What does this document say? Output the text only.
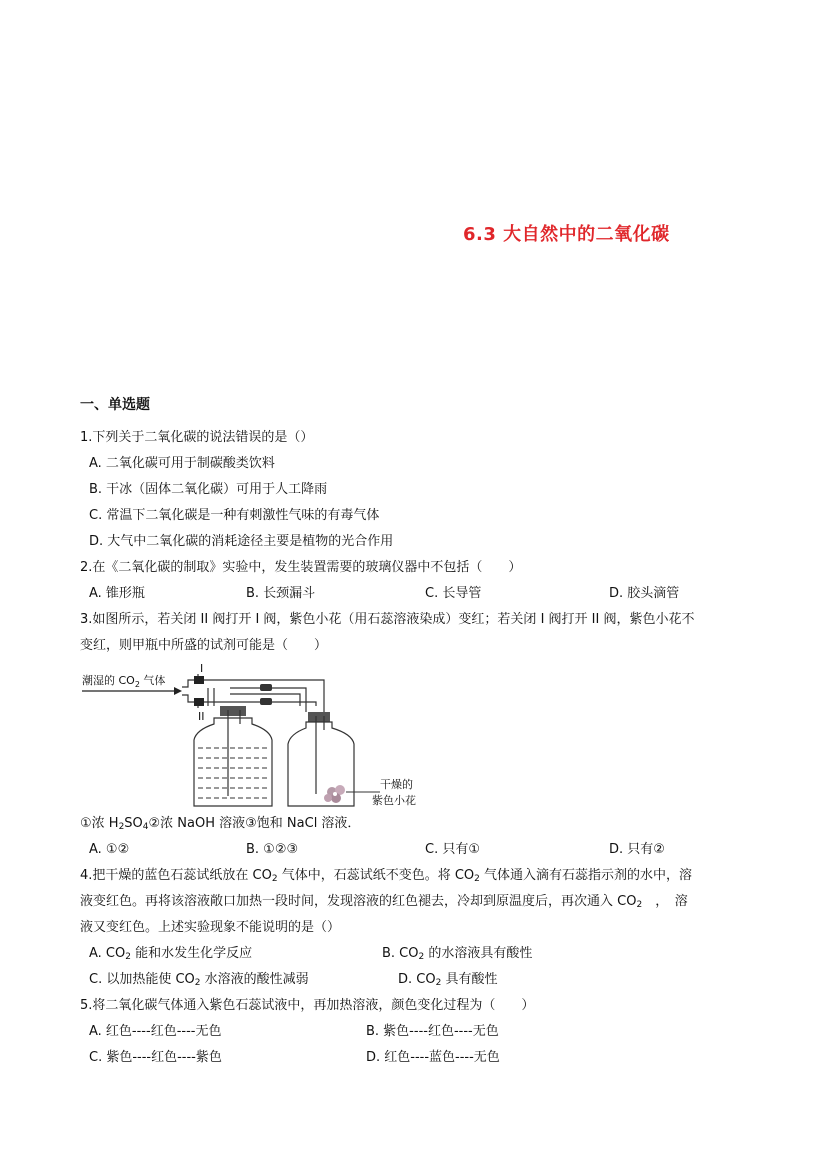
6.3 大自然中的二氧化碳
一、单选题
1.下列关于二氧化碳的说法错误的是（）
A. 二氧化碳可用于制碳酸类饮料
B. 干冰（固体二氧化碳）可用于人工降雨
C. 常温下二氧化碳是一种有刺激性气味的有毒气体
D. 大气中二氧化碳的消耗途径主要是植物的光合作用
2.在《二氧化碳的制取》实验中，发生装置需要的玻璃仪器中不包括（　　）
A. 锥形瓶	B. 长颈漏斗	C. 长导管	D. 胶头滴管
3.如图所示，若关闭 II 阀打开 I 阀，紫色小花（用石蕊溶液染成）变红；若关闭 I 阀打开 II 阀，紫色小花不
变红，则甲瓶中所盛的试剂可能是（　　）
潮湿的 $CO_2$ 气体
I
II
干燥的
紫色小花
①浓 $H_2SO_4②$浓 NaOH 溶液③饱和 NaCl 溶液．
A. ①②	B. ①②③	C. 只有①	D. 只有②
4.把干燥的蓝色石蕊试纸放在 $CO_2$ 气体中，石蕊试纸不变色。将 $CO_2$ 气体通入滴有石蕊指示剂的水中，溶
液变红色。再将该溶液敞口加热一段时间，发现溶液的红色褪去，冷却到原温度后，再次通入 $CO_2$　，　溶
液又变红色。上述实验现象不能说明的是（）
A. $CO_2$ 能和水发生化学反应	B. $CO_2$ 的水溶液具有酸性
C. 以加热能使 $CO_2$ 水溶液的酸性减弱	D. $CO_2$ 具有酸性
5.将二氧化碳气体通入紫色石蕊试液中，再加热溶液，颜色变化过程为（　　）
A. 红色----红色----无色	B. 紫色----红色----无色
C. 紫色----红色----紫色	D. 红色----蓝色----无色
